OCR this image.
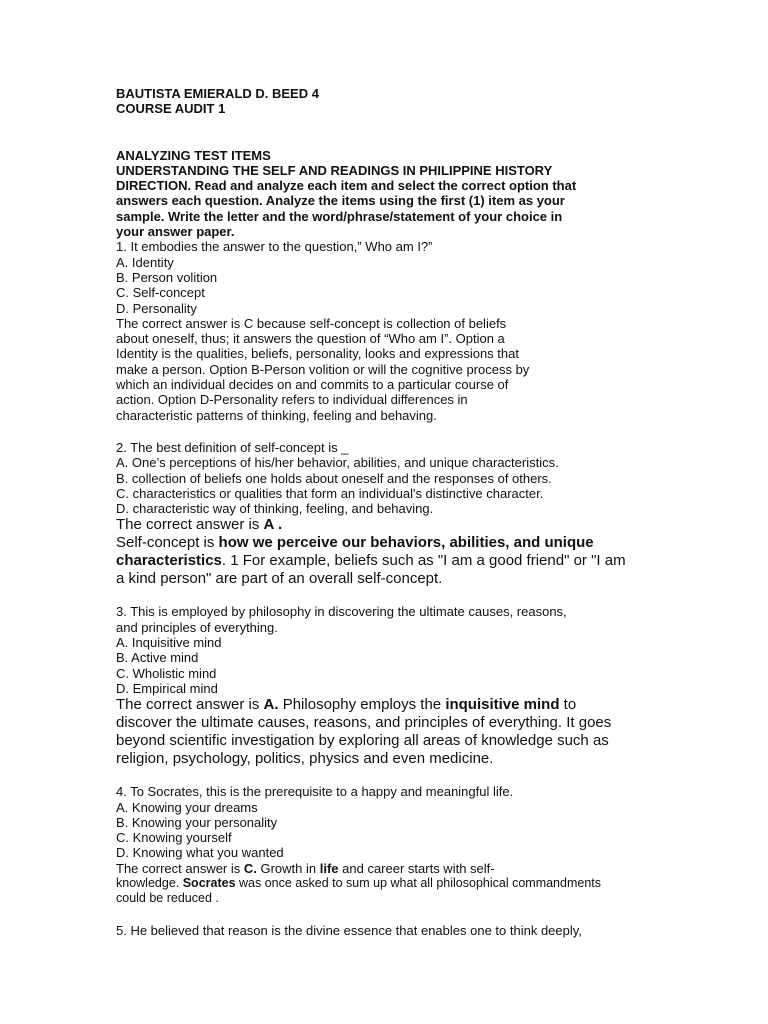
BAUTISTA EMIERALD D. BEED 4
COURSE AUDIT 1
ANALYZING TEST ITEMS
UNDERSTANDING THE SELF AND READINGS IN PHILIPPINE HISTORY
DIRECTION. Read and analyze each item and select the correct option that
answers each question. Analyze the items using the first (1) item as your
sample. Write the letter and the word/phrase/statement of your choice in
your answer paper.
1. It embodies the answer to the question,” Who am I?”
A. Identity
B. Person volition
C. Self-concept
D. Personality
The correct answer is C because self-concept is collection of beliefs
about oneself, thus; it answers the question of “Who am I”. Option a
Identity is the qualities, beliefs, personality, looks and expressions that
make a person. Option B-Person volition or will the cognitive process by
which an individual decides on and commits to a particular course of
action. Option D-Personality refers to individual differences in
characteristic patterns of thinking, feeling and behaving.
2. The best definition of self-concept is _
A. One’s perceptions of his/her behavior, abilities, and unique characteristics.
B. collection of beliefs one holds about oneself and the responses of others.
C. characteristics or qualities that form an individual's distinctive character.
D. characteristic way of thinking, feeling, and behaving.
The correct answer is A .
Self-concept is how we perceive our behaviors, abilities, and unique
characteristics. 1 For example, beliefs such as "I am a good friend" or "I am
a kind person" are part of an overall self-concept.
3. This is employed by philosophy in discovering the ultimate causes, reasons,
and principles of everything.
A. Inquisitive mind
B. Active mind
C. Wholistic mind
D. Empirical mind
The correct answer is A. Philosophy employs the inquisitive mind to
discover the ultimate causes, reasons, and principles of everything. It goes
beyond scientific investigation by exploring all areas of knowledge such as
religion, psychology, politics, physics and even medicine.
4. To Socrates, this is the prerequisite to a happy and meaningful life.
A. Knowing your dreams
B. Knowing your personality
C. Knowing yourself
D. Knowing what you wanted
The correct answer is C. Growth in life and career starts with self-
knowledge. Socrates was once asked to sum up what all philosophical commandments
could be reduced .
5. He believed that reason is the divine essence that enables one to think deeply,
